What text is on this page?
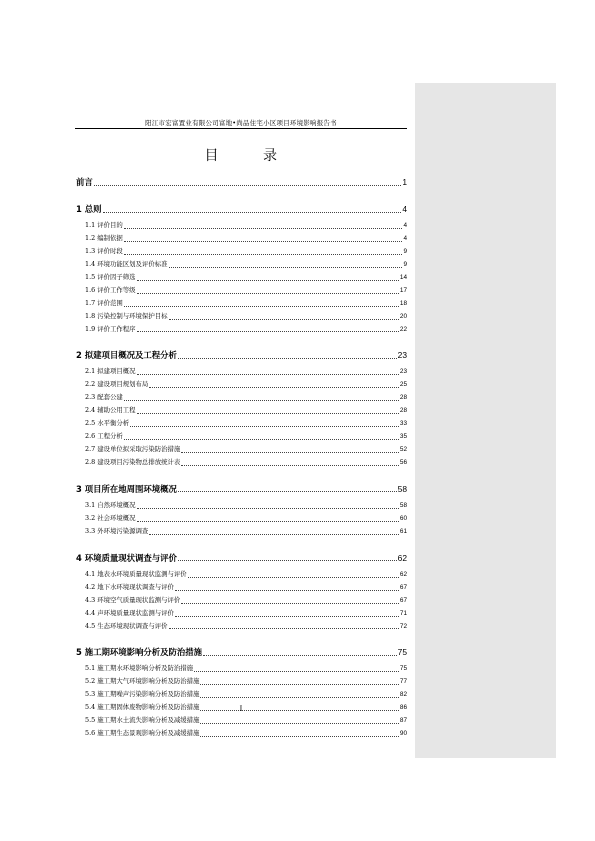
阳江市宏富置业有限公司富地•尚品住宅小区项目环境影响报告书
目	录
前言	1
1 总则	4
1.1 评价目的	4
1.2 编制依据	4
1.3 评价时段	9
1.4 环境功能区划及评价标准	9
1.5 评价因子筛选	14
1.6 评价工作等级	17
1.7 评价范围	18
1.8 污染控制与环境保护目标	20
1.9 评价工作程序	22
2 拟建项目概况及工程分析	23
2.1 拟建项目概况	23
2.2 建设项目规划布局	25
2.3 配套公建	28
2.4 辅助公用工程	28
2.5 水平衡分析	33
2.6 工程分析	35
2.7 建设单位拟采取污染防治措施	52
2.8 建设项目污染物总排放统计表	56
3 项目所在地周围环境概况	58
3.1 自然环境概况	58
3.2 社会环境概况	60
3.3 外环境污染源调查	61
4 环境质量现状调查与评价	62
4.1 地表水环境质量现状监测与评价	62
4.2 地下水环境现状调查与评价	67
4.3 环境空气质量现状监测与评价	67
4.4 声环境质量现状监测与评价	71
4.5 生态环境现状调查与评价	72
5 施工期环境影响分析及防治措施	75
5.1 施工期水环境影响分析及防治措施	75
5.2 施工期大气环境影响分析及防治措施	77
5.3 施工期噪声污染影响分析及防治措施	82
5.4 施工期固体废物影响分析及防治措施	86
5.5 施工期水土流失影响分析及减缓措施	87
5.6 施工期生态景观影响分析及减缓措施	90
I
